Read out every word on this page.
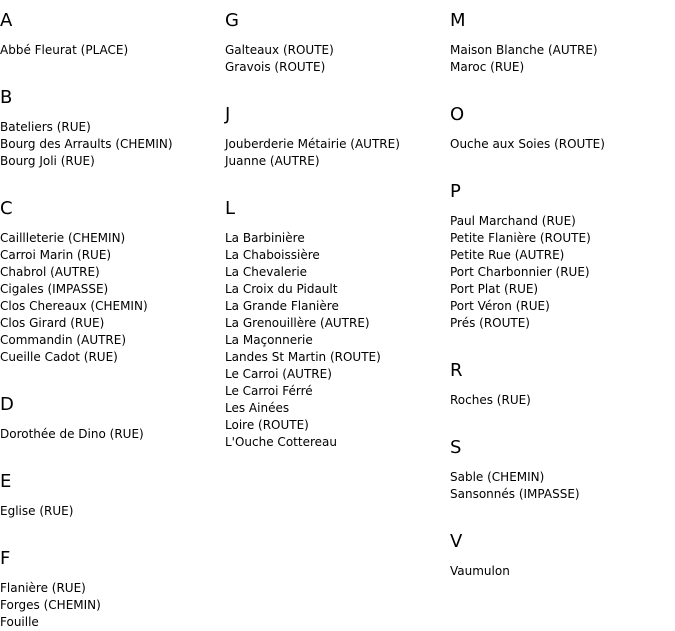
A
Abbé Fleurat (PLACE)
B
Bateliers (RUE)
Bourg des Arraults (CHEMIN)
Bourg Joli (RUE)
C
Caillleterie (CHEMIN)
Carroi Marin (RUE)
Chabrol (AUTRE)
Cigales (IMPASSE)
Clos Chereaux (CHEMIN)
Clos Girard (RUE)
Commandin (AUTRE)
Cueille Cadot (RUE)
D
Dorothée de Dino (RUE)
E
Eglise (RUE)
F
Flanière (RUE)
Forges (CHEMIN)
Fouille
G
Galteaux (ROUTE)
Gravois (ROUTE)
J
Jouberderie Métairie (AUTRE)
Juanne (AUTRE)
L
La Barbinière
La Chaboissière
La Chevalerie
La Croix du Pidault
La Grande Flanière
La Grenouillère (AUTRE)
La Maçonnerie
Landes St Martin (ROUTE)
Le Carroi (AUTRE)
Le Carroi Férré
Les Ainées
Loire (ROUTE)
L'Ouche Cottereau
M
Maison Blanche (AUTRE)
Maroc (RUE)
O
Ouche aux Soies (ROUTE)
P
Paul Marchand (RUE)
Petite Flanière (ROUTE)
Petite Rue (AUTRE)
Port Charbonnier (RUE)
Port Plat (RUE)
Port Véron (RUE)
Prés (ROUTE)
R
Roches (RUE)
S
Sable (CHEMIN)
Sansonnés (IMPASSE)
V
Vaumulon
